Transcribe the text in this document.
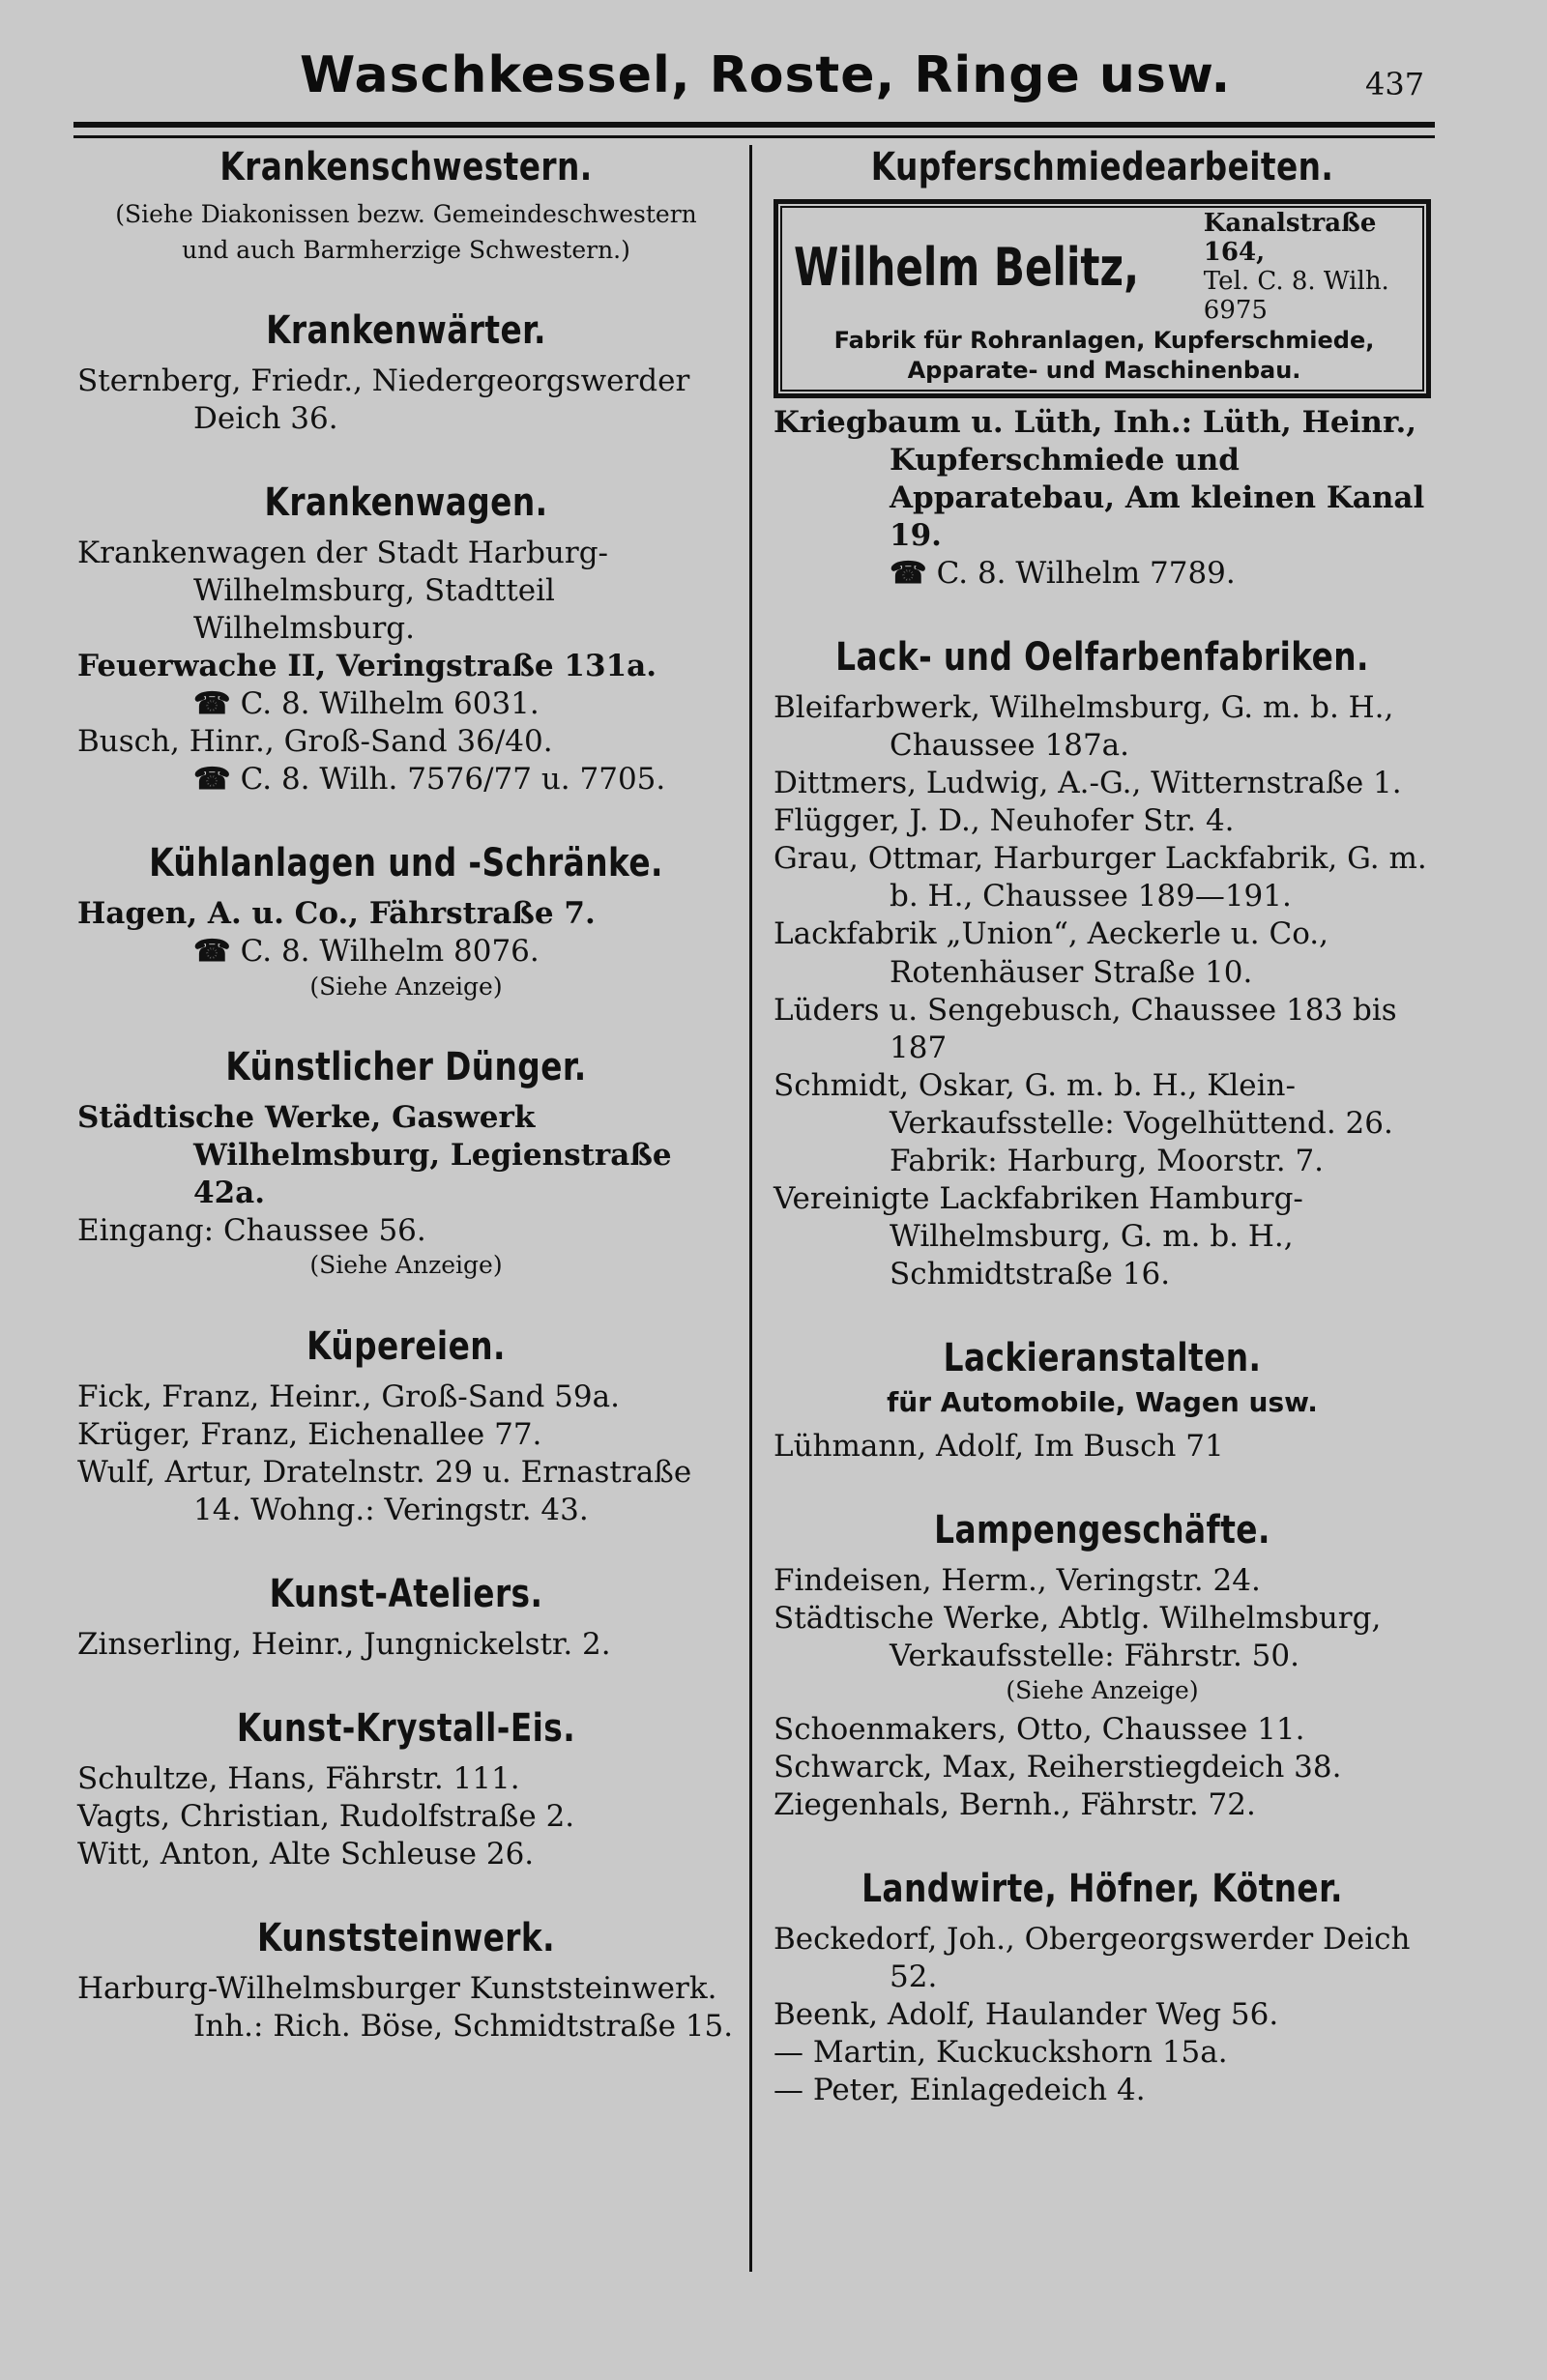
Waschkessel, Roste, Ringe usw.	437
Krankenschwestern.
(Siehe Diakonissen bezw. Gemeindeschwestern
und auch Barmherzige Schwestern.)
Krankenwärter.
Sternberg, Friedr., Niedergeorgswerder Deich 36.
Krankenwagen.
Krankenwagen der Stadt Harburg-Wilhelmsburg, Stadtteil Wilhelmsburg.
Feuerwache II, Veringstraße 131a.
☎ C. 8. Wilhelm 6031.
Busch, Hinr., Groß-Sand 36/40.
☎ C. 8. Wilh. 7576/77 u. 7705.
Kühlanlagen und -Schränke.
Hagen, A. u. Co., Fährstraße 7.
☎ C. 8. Wilhelm 8076.
(Siehe Anzeige)
Künstlicher Dünger.
Städtische Werke, Gaswerk Wilhelmsburg, Legienstraße 42a.
Eingang: Chaussee 56.
(Siehe Anzeige)
Küpereien.
Fick, Franz, Heinr., Groß-Sand 59a.
Krüger, Franz, Eichenallee 77.
Wulf, Artur, Dratelnstr. 29 u. Ernastraße 14. Wohng.: Veringstr. 43.
Kunst-Ateliers.
Zinserling, Heinr., Jungnickelstr. 2.
Kunst-Krystall-Eis.
Schultze, Hans, Fährstr. 111.
Vagts, Christian, Rudolfstraße 2.
Witt, Anton, Alte Schleuse 26.
Kunststeinwerk.
Harburg-Wilhelmsburger Kunststeinwerk. Inh.: Rich. Böse, Schmidtstraße 15.
Kupferschmiedearbeiten.
Wilhelm Belitz,
Kanalstraße 164,
Tel. C. 8. Wilh. 6975
Fabrik für Rohranlagen, Kupferschmiede,
Apparate- und Maschinenbau.
Kriegbaum u. Lüth, Inh.: Lüth, Heinr., Kupferschmiede und Apparatebau, Am kleinen Kanal 19.
☎ C. 8. Wilhelm 7789.
Lack- und Oelfarbenfabriken.
Bleifarbwerk, Wilhelmsburg, G. m. b. H., Chaussee 187a.
Dittmers, Ludwig, A.-G., Witternstraße 1.
Flügger, J. D., Neuhofer Str. 4.
Grau, Ottmar, Harburger Lackfabrik, G. m. b. H., Chaussee 189—191.
Lackfabrik „Union“, Aeckerle u. Co., Rotenhäuser Straße 10.
Lüders u. Sengebusch, Chaussee 183 bis 187
Schmidt, Oskar, G. m. b. H., Klein-Verkaufsstelle: Vogelhüttend. 26. Fabrik: Harburg, Moorstr. 7.
Vereinigte Lackfabriken Hamburg-Wilhelmsburg, G. m. b. H., Schmidtstraße 16.
Lackieranstalten.
für Automobile, Wagen usw.
Lühmann, Adolf, Im Busch 71
Lampengeschäfte.
Findeisen, Herm., Veringstr. 24.
Städtische Werke, Abtlg. Wilhelmsburg, Verkaufsstelle: Fährstr. 50.
(Siehe Anzeige)
Schoenmakers, Otto, Chaussee 11.
Schwarck, Max, Reiherstiegdeich 38.
Ziegenhals, Bernh., Fährstr. 72.
Landwirte, Höfner, Kötner.
Beckedorf, Joh., Obergeorgswerder Deich 52.
Beenk, Adolf, Haulander Weg 56.
— Martin, Kuckuckshorn 15a.
— Peter, Einlagedeich 4.
